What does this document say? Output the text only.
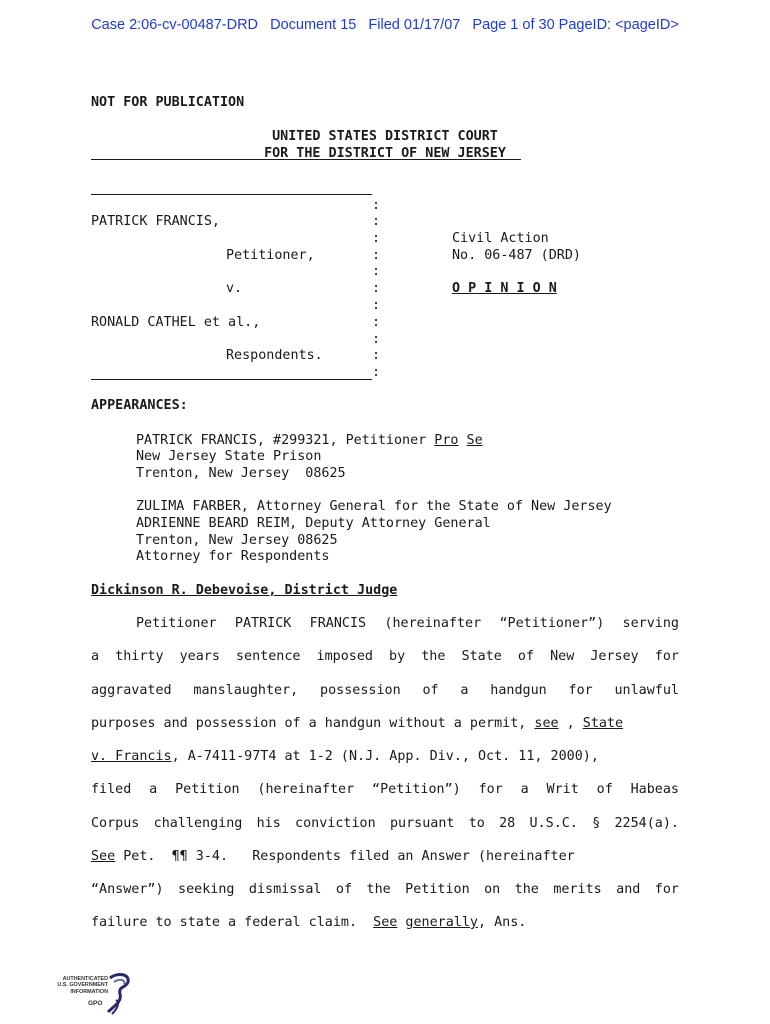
Case 2:06-cv-00487-DRD   Document 15   Filed 01/17/07   Page 1 of 30 PageID: <pageID>
NOT FOR PUBLICATION
UNITED STATES DISTRICT COURT
FOR THE DISTRICT OF NEW JERSEY
:
:
:
:
:
:
:
:
:
:
:
PATRICK FRANCIS,
Petitioner,
v.
RONALD CATHEL et al.,
Respondents.
Civil Action
No. 06-487 (DRD)
O P I N I O N
APPEARANCES:
PATRICK FRANCIS, #299321, Petitioner Pro Se
New Jersey State Prison
Trenton, New Jersey  08625
ZULIMA FARBER, Attorney General for the State of New Jersey
ADRIENNE BEARD REIM, Deputy Attorney General
Trenton, New Jersey 08625
Attorney for Respondents
Dickinson R. Debevoise, District Judge
Petitioner PATRICK FRANCIS (hereinafter “Petitioner”) serving
a thirty years sentence imposed by the State of New Jersey for
aggravated manslaughter, possession of a handgun for unlawful
purposes and possession of a handgun without a permit, see , State
v. Francis, A-7411-97T4 at 1-2 (N.J. App. Div., Oct. 11, 2000),
filed a Petition (hereinafter “Petition”) for a Writ of Habeas
Corpus challenging his conviction pursuant to 28 U.S.C. § 2254(a).
See Pet.  ¶¶ 3-4.   Respondents filed an Answer (hereinafter
“Answer”) seeking dismissal of the Petition on the merits and for
failure to state a federal claim.  See generally, Ans.
AUTHENTICATED
U.S. GOVERNMENT
INFORMATION
GPO
